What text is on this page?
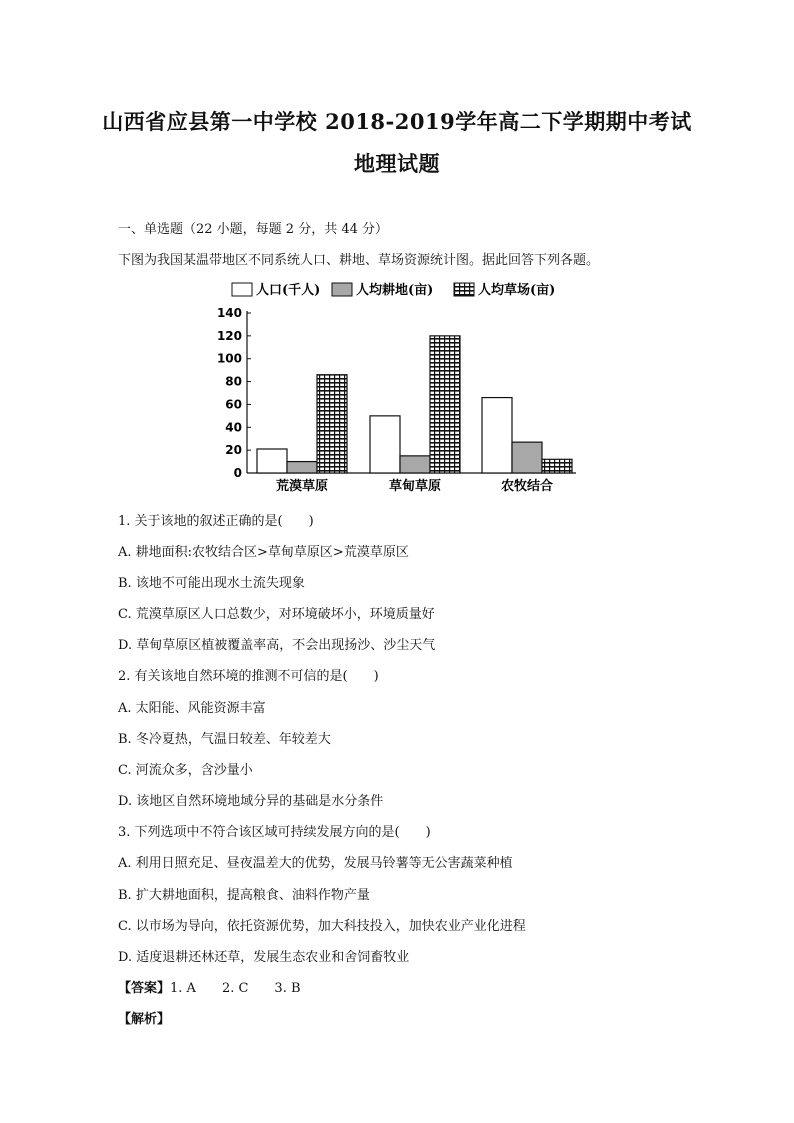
山西省应县第一中学校 2018-2019学年高二下学期期中考试
地理试题
一、单选题（22 小题，每题 2 分，共 44 分）
下图为我国某温带地区不同系统人口、耕地、草场资源统计图。据此回答下列各题。
人口(千人)	人均耕地(亩)	人均草场(亩)
0
20
40
60
80
100
120
140
荒漠草原	草甸草原	农牧结合
1. 关于该地的叙述正确的是(　　)
A. 耕地面积:农牧结合区>草甸草原区>荒漠草原区
B. 该地不可能出现水土流失现象
C. 荒漠草原区人口总数少，对环境破坏小，环境质量好
D. 草甸草原区植被覆盖率高，不会出现扬沙、沙尘天气
2. 有关该地自然环境的推测不可信的是(　　)
A. 太阳能、风能资源丰富
B. 冬冷夏热，气温日较差、年较差大
C. 河流众多，含沙量小
D. 该地区自然环境地域分异的基础是水分条件
3. 下列选项中不符合该区域可持续发展方向的是(　　)
A. 利用日照充足、昼夜温差大的优势，发展马铃薯等无公害蔬菜种植
B. 扩大耕地面积，提高粮食、油料作物产量
C. 以市场为导向，依托资源优势，加大科技投入，加快农业产业化进程
D. 适度退耕还林还草，发展生态农业和舍饲畜牧业
【答案】1. A　　2. C　　3. B
【解析】
